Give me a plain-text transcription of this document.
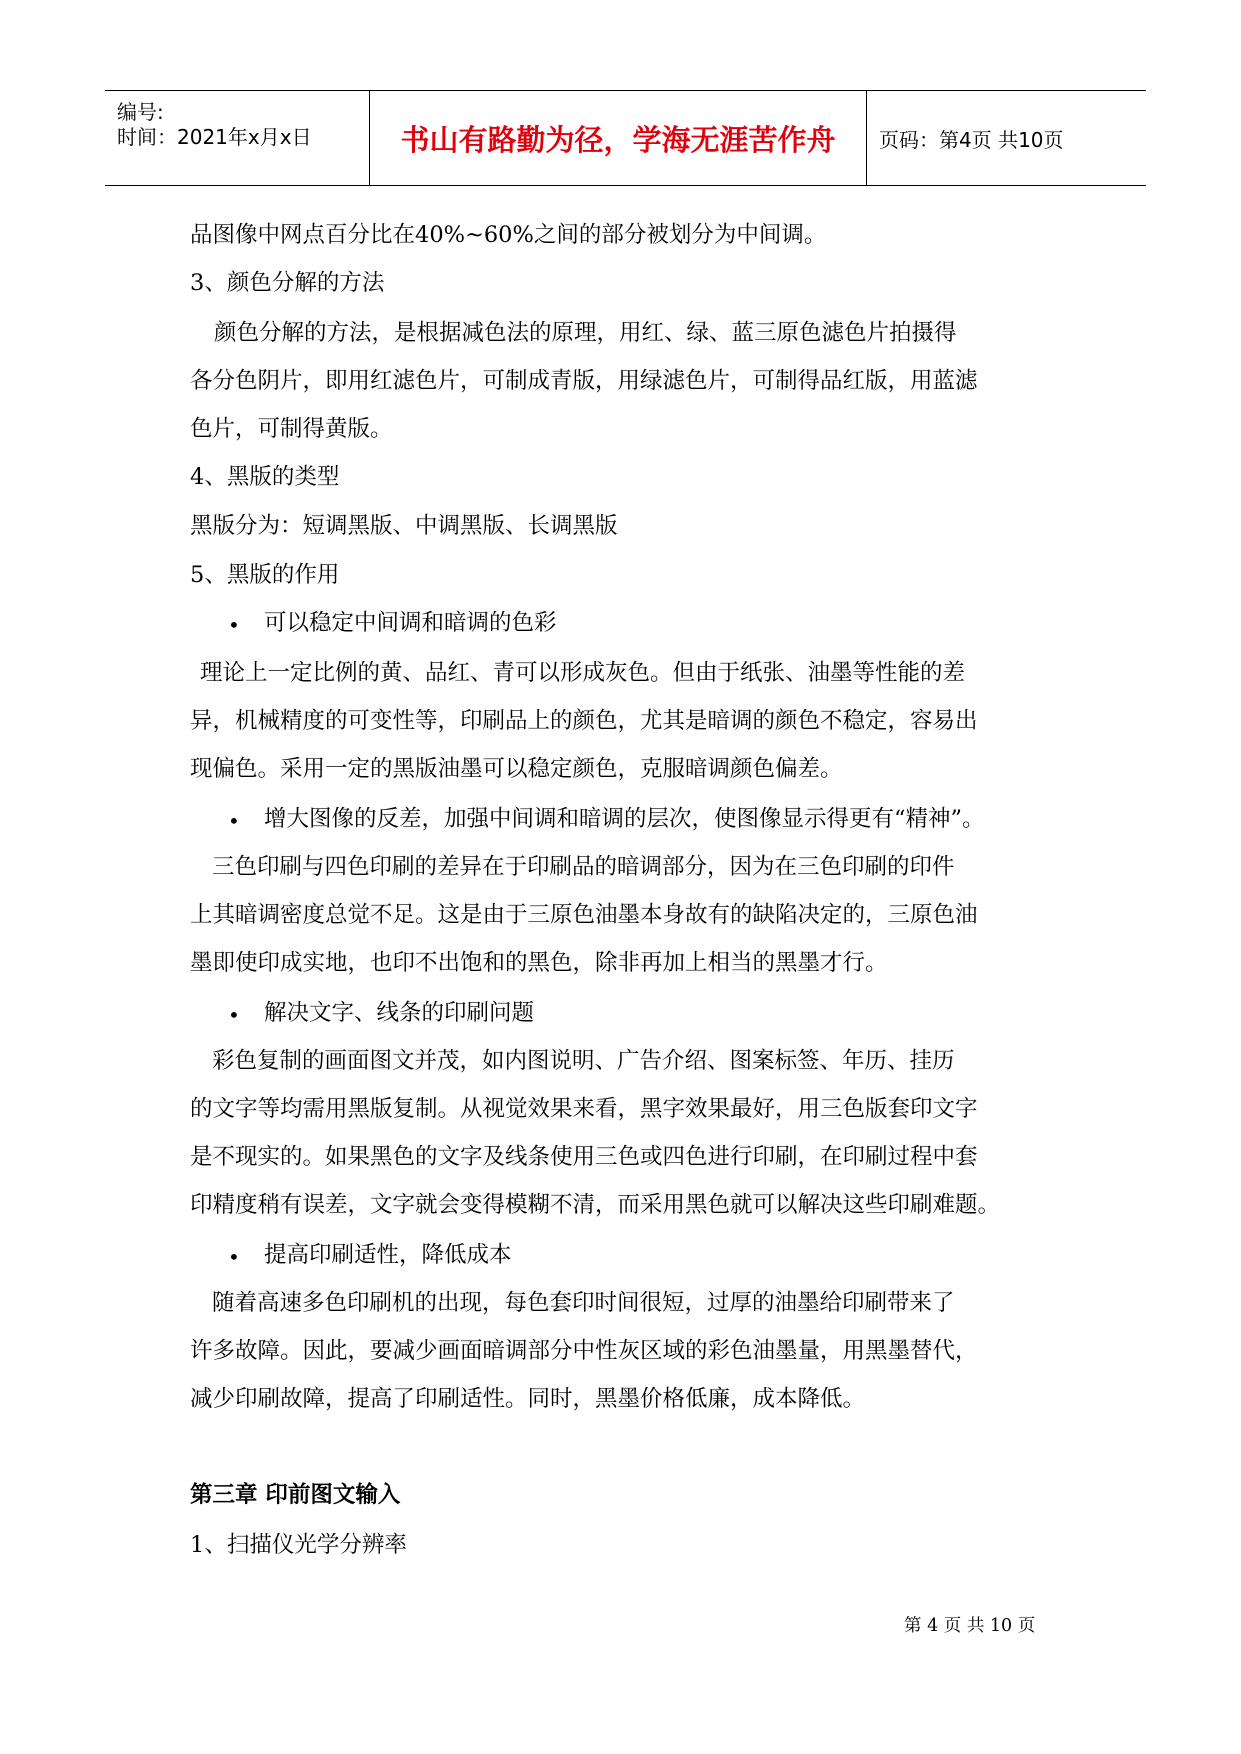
编号:
时间：2021年x月x日	书山有路勤为径，学海无涯苦作舟 页码：第4页 共10页
品图像中网点百分比在40%~60%之间的部分被划分为中间调。
3、颜色分解的方法
颜色分解的方法，是根据减色法的原理，用红、绿、蓝三原色滤色片拍摄得
各分色阴片，即用红滤色片，可制成青版，用绿滤色片，可制得品红版，用蓝滤
色片，可制得黄版。
4、黑版的类型
黑版分为：短调黑版、中调黑版、长调黑版
5、黑版的作用
• 可以稳定中间调和暗调的色彩
理论上一定比例的黄、品红、青可以形成灰色。但由于纸张、油墨等性能的差
异，机械精度的可变性等，印刷品上的颜色，尤其是暗调的颜色不稳定，容易出
现偏色。采用一定的黑版油墨可以稳定颜色，克服暗调颜色偏差。
• 增大图像的反差，加强中间调和暗调的层次，使图像显示得更有“精神”。
三色印刷与四色印刷的差异在于印刷品的暗调部分，因为在三色印刷的印件
上其暗调密度总觉不足。这是由于三原色油墨本身故有的缺陷决定的，三原色油
墨即使印成实地，也印不出饱和的黑色，除非再加上相当的黑墨才行。
• 解决文字、线条的印刷问题
彩色复制的画面图文并茂，如内图说明、广告介绍、图案标签、年历、挂历
的文字等均需用黑版复制。从视觉效果来看，黑字效果最好，用三色版套印文字
是不现实的。如果黑色的文字及线条使用三色或四色进行印刷，在印刷过程中套
印精度稍有误差，文字就会变得模糊不清，而采用黑色就可以解决这些印刷难题。
• 提高印刷适性，降低成本
随着高速多色印刷机的出现，每色套印时间很短，过厚的油墨给印刷带来了
许多故障。因此，要减少画面暗调部分中性灰区域的彩色油墨量，用黑墨替代，
减少印刷故障，提高了印刷适性。同时，黑墨价格低廉，成本降低。
第三章 印前图文输入
1、扫描仪光学分辨率
第 4 页 共 10 页
